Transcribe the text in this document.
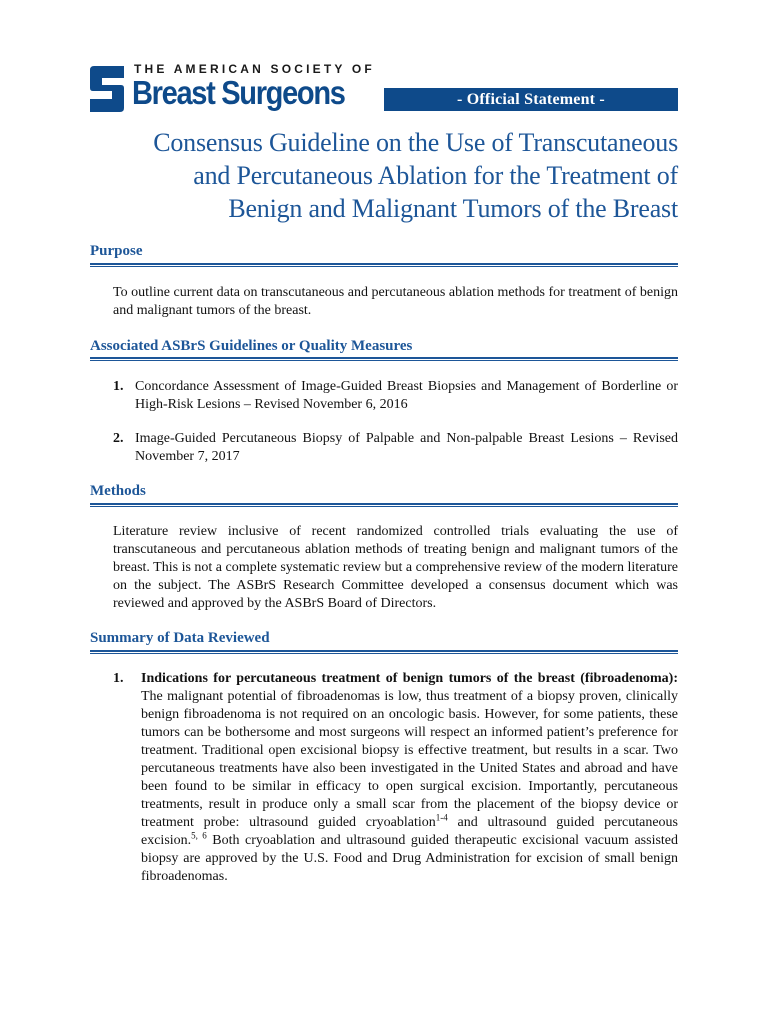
THE AMERICAN SOCIETY OF
Breast Surgeons	- Official Statement -
Consensus Guideline on the Use of Transcutaneous
and Percutaneous Ablation for the Treatment of
Benign and Malignant Tumors of the Breast
Purpose
To outline current data on transcutaneous and percutaneous ablation methods for treatment of benign and malignant tumors of the breast.
Associated ASBrS Guidelines or Quality Measures
1. Concordance Assessment of Image-Guided Breast Biopsies and Management of Borderline or High-Risk Lesions – Revised November 6, 2016
2. Image-Guided Percutaneous Biopsy of Palpable and Non-palpable Breast Lesions – Revised November 7, 2017
Methods
Literature review inclusive of recent randomized controlled trials evaluating the use of transcutaneous and percutaneous ablation methods of treating benign and malignant tumors of the breast. This is not a complete systematic review but a comprehensive review of the modern literature on the subject. The ASBrS Research Committee developed a consensus document which was reviewed and approved by the ASBrS Board of Directors.
Summary of Data Reviewed
1. Indications for percutaneous treatment of benign tumors of the breast (fibroadenoma): The malignant potential of fibroadenomas is low, thus treatment of a biopsy proven, clinically benign fibroadenoma is not required on an oncologic basis. However, for some patients, these tumors can be bothersome and most surgeons will respect an informed patient’s preference for treatment. Traditional open excisional biopsy is effective treatment, but results in a scar. Two percutaneous treatments have also been investigated in the United States and abroad and have been found to be similar in efficacy to open surgical excision. Importantly, percutaneous treatments, result in produce only a small scar from the placement of the biopsy device or treatment probe: ultrasound guided cryoablation$^{1-4}$ and ultrasound guided percutaneous excision.$^{5, 6}$ Both cryoablation and ultrasound guided therapeutic excisional vacuum assisted biopsy are approved by the U.S. Food and Drug Administration for excision of small benign fibroadenomas.
